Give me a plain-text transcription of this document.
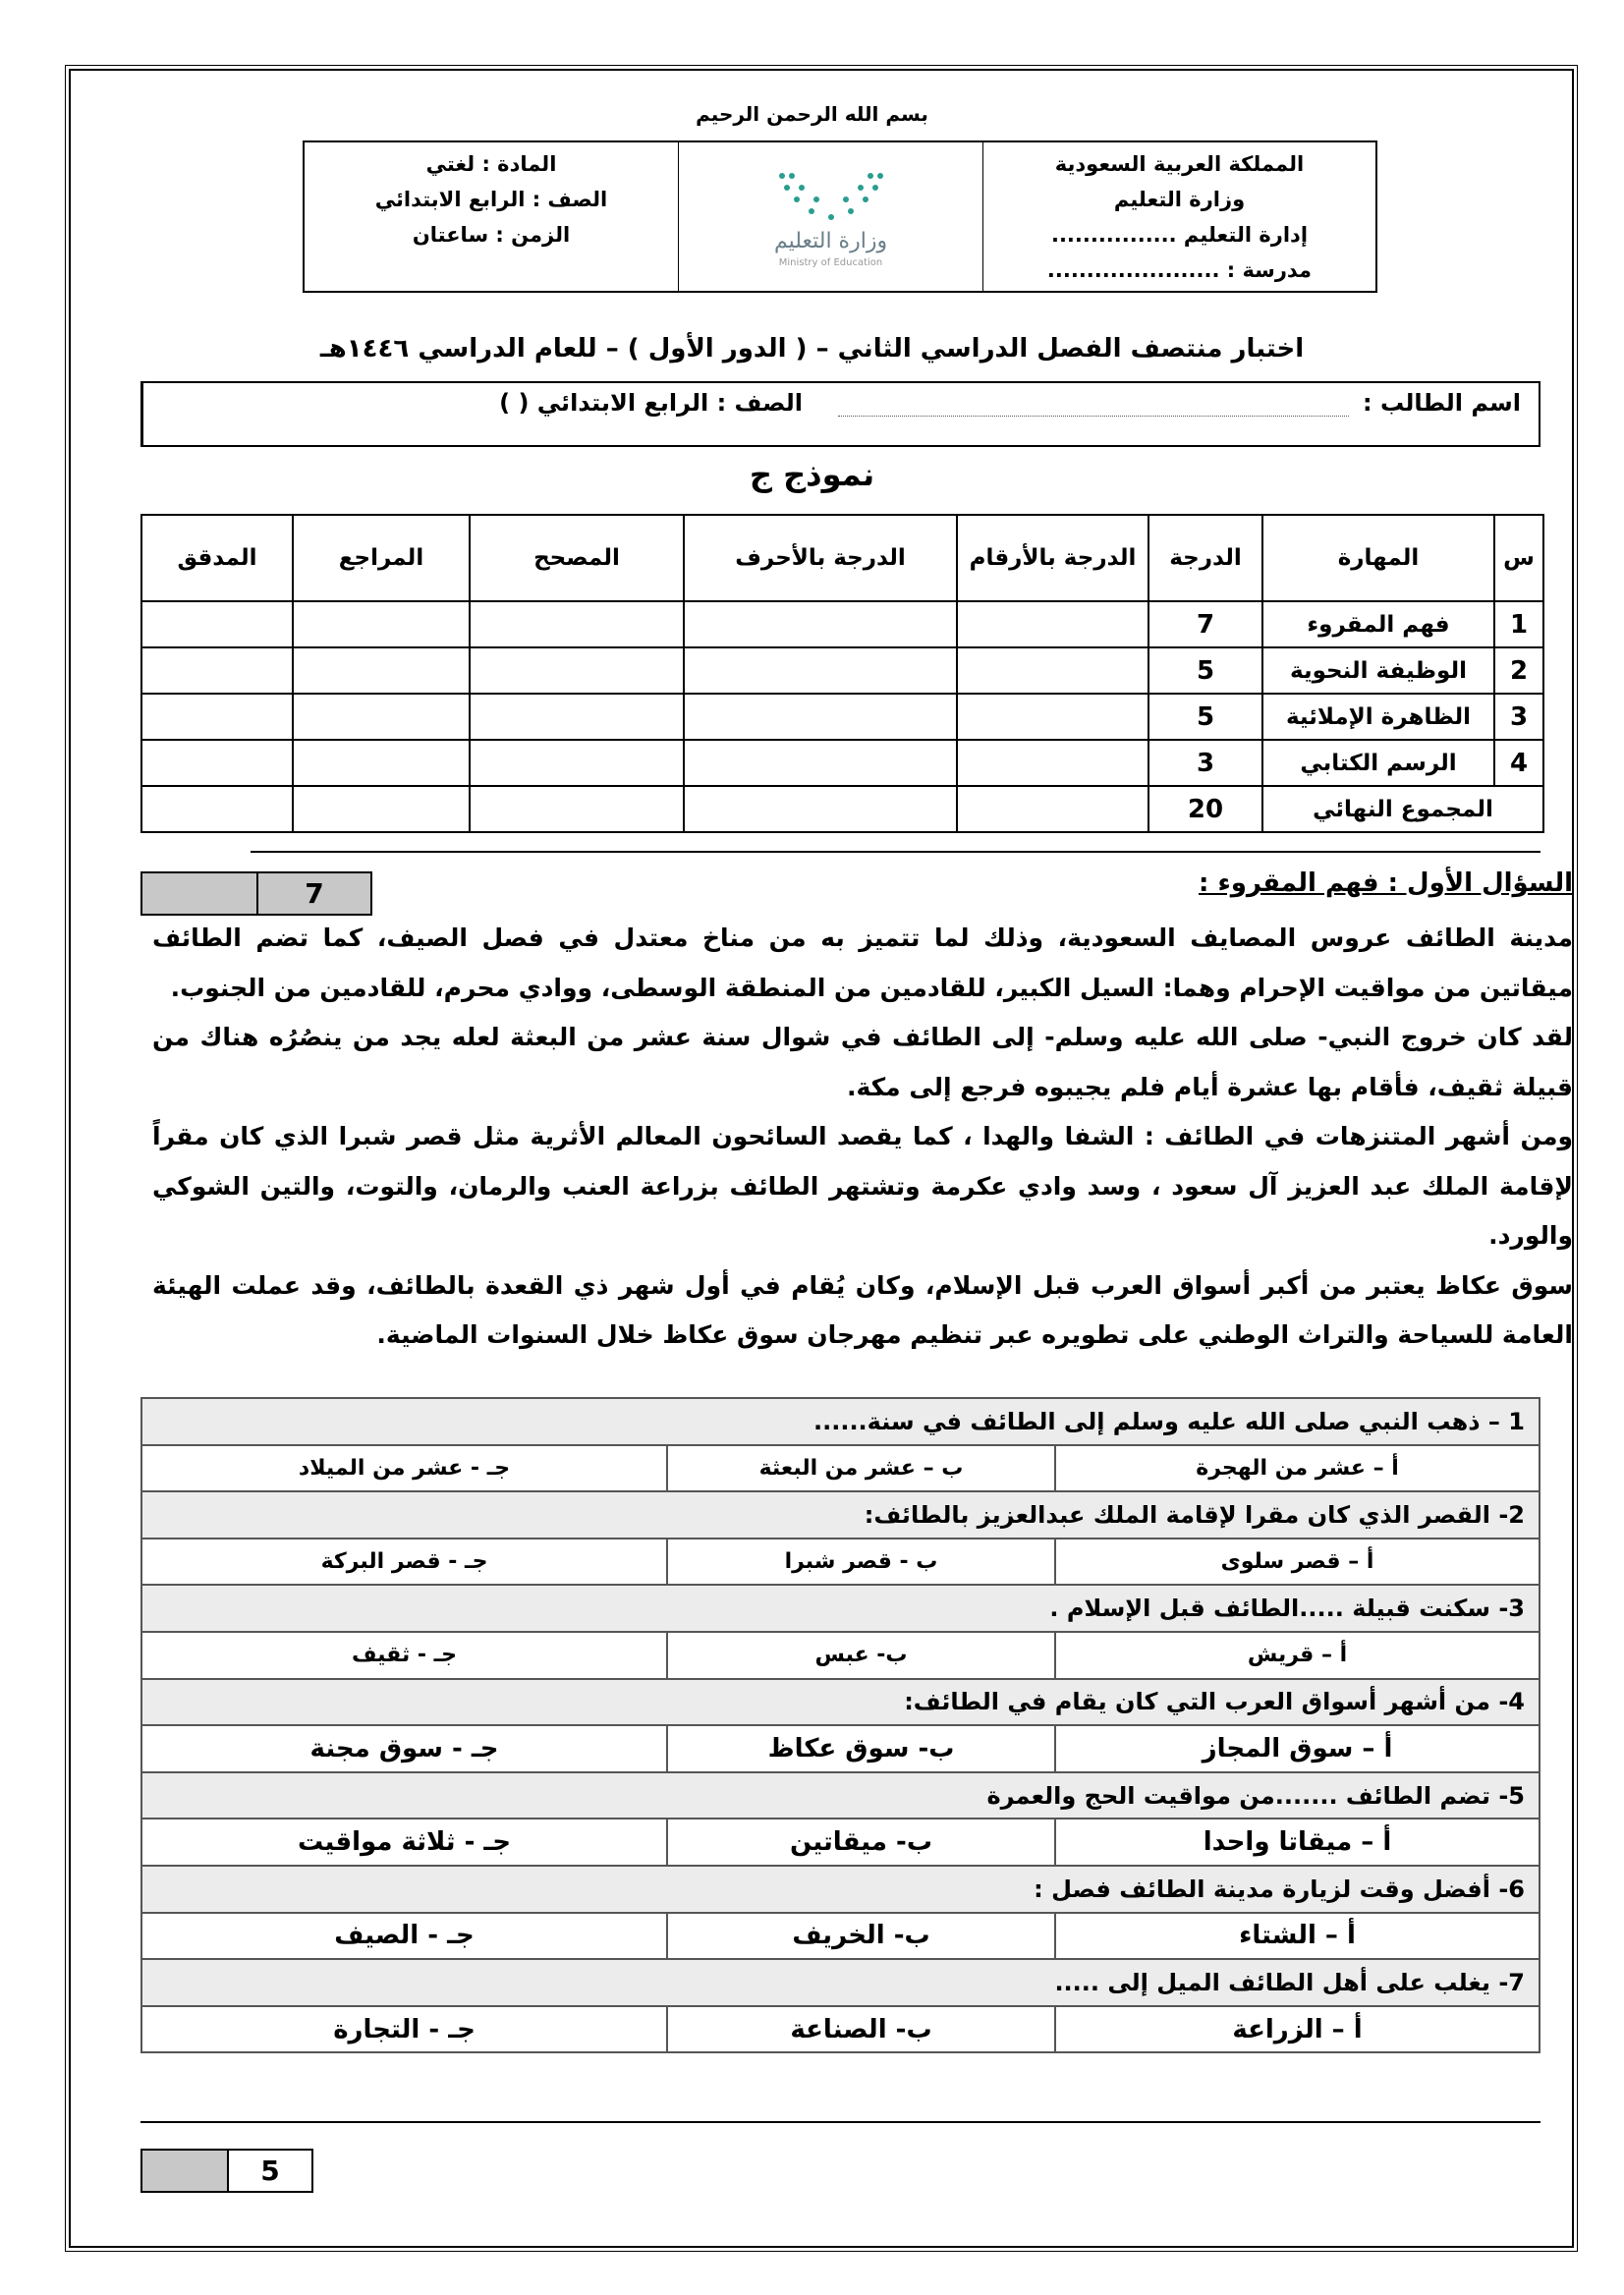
بسم الله الرحمن الرحيم
المملكة العربية السعودية
وزارة التعليم
إدارة التعليم ................
مدرسة : ......................
وزارة التعليم
Ministry of Education
المادة : لغتي
الصف : الرابع الابتدائي
الزمن : ساعتان
اختبار منتصف الفصل الدراسي الثاني – ( الدور الأول ) – للعام الدراسي ١٤٤٦هـ
اسم الطالب :
الصف : الرابع الابتدائي ( )
نموذج ج
س	المهارة	الدرجة	الدرجة بالأرقام	الدرجة بالأحرف	المصحح	المراجع	المدقق
1	فهم المقروء	7					
2	الوظيفة النحوية	5					
3	الظاهرة الإملائية	5					
4	الرسم الكتابي	3					
المجموع النهائي		20					
7	السؤال الأول : فهم المقروء :

مدينة الطائف عروس المصايف السعودية، وذلك لما تتميز به من مناخ معتدل في فصل الصيف، كما تضم الطائف ميقاتين من مواقيت الإحرام وهما: السيل الكبير، للقادمين من المنطقة الوسطى، ووادي محرم، للقادمين من الجنوب.

لقد كان خروج النبي- صلى الله عليه وسلم- إلى الطائف في شوال سنة عشر من البعثة لعله يجد من ينصُرُه هناك من قبيلة ثقيف، فأقام بها عشرة أيام فلم يجيبوه فرجع إلى مكة.

ومن أشهر المتنزهات في الطائف : الشفا والهدا ، كما يقصد السائحون المعالم الأثرية مثل قصر شبرا الذي كان مقراً لإقامة الملك عبد العزيز آل سعود ، وسد وادي عكرمة وتشتهر الطائف بزراعة العنب والرمان، والتوت، والتين الشوكي والورد.

سوق عكاظ يعتبر من أكبر أسواق العرب قبل الإسلام، وكان يُقام في أول شهر ذي القعدة بالطائف، وقد عملت الهيئة العامة للسياحة والتراث الوطني على تطويره عبر تنظيم مهرجان سوق عكاظ خلال السنوات الماضية.

1 – ذهب النبي صلى الله عليه وسلم إلى الطائف في سنة......		
أ – عشر من الهجرة	ب – عشر من البعثة	جـ - عشر من الميلاد
2- القصر الذي كان مقرا لإقامة الملك عبدالعزيز بالطائف:		
أ – قصر سلوى	ب - قصر شبرا	جـ - قصر البركة
3- سكنت قبيلة .....الطائف قبل الإسلام .		
أ – قريش	ب- عبس	جـ - ثقيف
4- من أشهر أسواق العرب التي كان يقام في الطائف:		
أ – سوق المجاز	ب- سوق عكاظ	جـ - سوق مجنة
5- تضم الطائف .......من مواقيت الحج والعمرة		
أ – ميقاتا واحدا	ب- ميقاتين	جـ - ثلاثة مواقيت
6- أفضل وقت لزيارة مدينة الطائف فصل :		
أ – الشتاء	ب- الخريف	جـ - الصيف
7- يغلب على أهل الطائف الميل إلى .....		
أ – الزراعة	ب- الصناعة	جـ - التجارة
5
